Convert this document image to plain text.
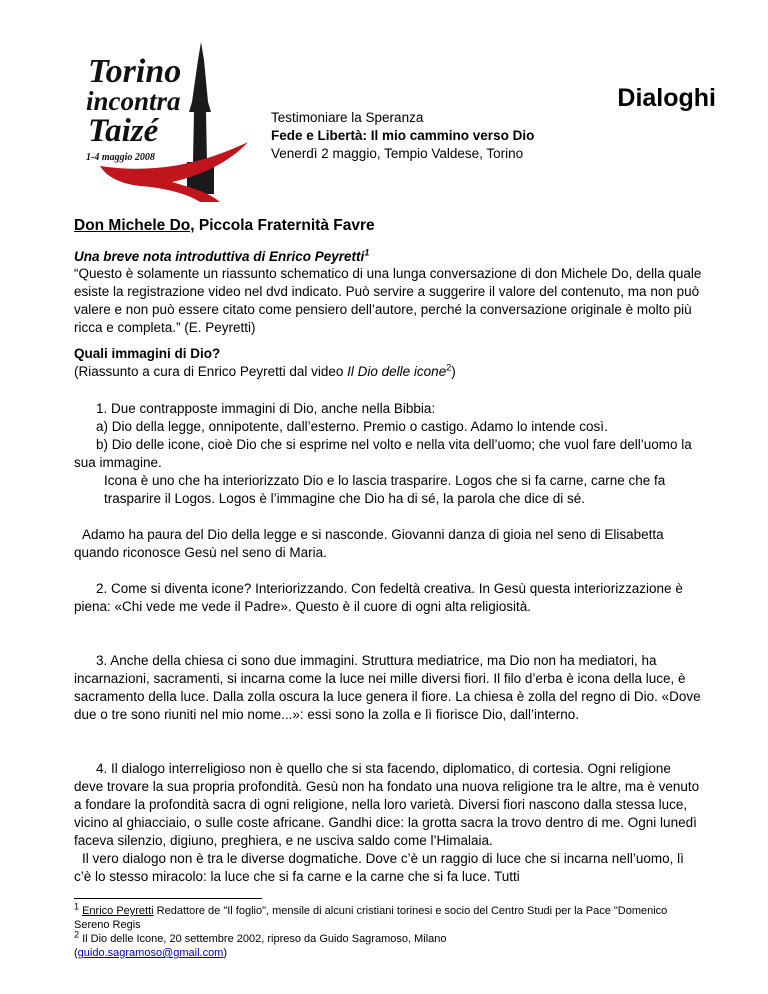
Torino
incontra
Taizé
1-4 maggio 2008
Dialoghi
Testimoniare la Speranza
Fede e Libertà: Il mio cammino verso Dio
Venerdì 2 maggio, Tempio Valdese, Torino
Don Michele Do, Piccola Fraternità Favre

Una breve nota introduttiva di Enrico Peyretti$^1$

“Questo è solamente un riassunto schematico di una lunga conversazione di don Michele Do, della quale esiste la registrazione video nel dvd indicato. Può servire a suggerire il valore del contenuto, ma non può valere e non può essere citato come pensiero dell’autore, perché la conversazione originale è molto più ricca e completa.” (E. Peyretti)

Quali immagini di Dio?

(Riassunto a cura di Enrico Peyretti dal video Il Dio delle icone$^2$)

1. Due contrapposte immagini di Dio, anche nella Bibbia:

a) Dio della legge, onnipotente, dall’esterno. Premio o castigo. Adamo lo intende così.

b) Dio delle icone, cioè Dio che si esprime nel volto e nella vita dell’uomo; che vuol fare dell’uomo la sua immagine.

Icona è uno che ha interiorizzato Dio e lo lascia trasparire. Logos che si fa carne, carne che fa trasparire il Logos. Logos è l’immagine che Dio ha di sé, la parola che dice di sé.

Adamo ha paura del Dio della legge e si nasconde. Giovanni danza di gioia nel seno di Elisabetta quando riconosce Gesù nel seno di Maria.

2. Come si diventa icone? Interiorizzando. Con fedeltà creativa. In Gesù questa interiorizzazione è piena: «Chi vede me vede il Padre». Questo è il cuore di ogni alta religiosità.

3. Anche della chiesa ci sono due immagini. Struttura mediatrice, ma Dio non ha mediatori, ha incarnazioni, sacramenti, si incarna come la luce nei mille diversi fiori. Il filo d’erba è icona della luce, è sacramento della luce. Dalla zolla oscura la luce genera il fiore. La chiesa è zolla del regno di Dio. «Dove due o tre sono riuniti nel mio nome...»: essi sono la zolla e lì fiorisce Dio, dall’interno.

4. Il dialogo interreligioso non è quello che si sta facendo, diplomatico, di cortesia. Ogni religione deve trovare la sua propria profondità. Gesù non ha fondato una nuova religione tra le altre, ma è venuto a fondare la profondità sacra di ogni religione, nella loro varietà. Diversi fiori nascono dalla stessa luce, vicino al ghiacciaio, o sulle coste africane. Gandhi dice: la grotta sacra la trovo dentro di me. Ogni lunedì faceva silenzio, digiuno, preghiera, e ne usciva saldo come l’Himalaia.

Il vero dialogo non è tra le diverse dogmatiche. Dove c’è un raggio di luce che si incarna nell’uomo, lì c’è lo stesso miracolo: la luce che si fa carne e la carne che si fa luce. Tutti

$^1$ Enrico Peyretti Redattore de "Il foglio", mensile di alcuni cristiani torinesi e socio del Centro Studi per la Pace "Domenico Sereno Regis
$^2$ Il Dio delle Icone, 20 settembre 2002, ripreso da Guido Sagramoso, Milano
(guido.sagramoso@gmail.com)
